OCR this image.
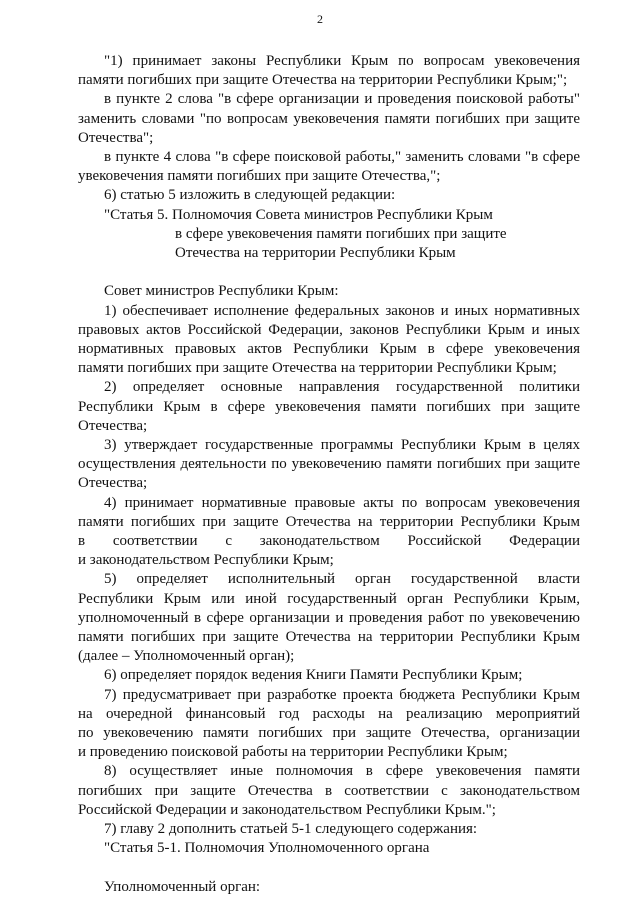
2
"1) принимает законы Республики Крым по вопросам увековечения
памяти погибших при защите Отечества на территории Республики Крым;";
в пункте 2 слова "в сфере организации и проведения поисковой работы"
заменить словами "по вопросам увековечения памяти погибших при защите
Отечества";
в пункте 4 слова "в сфере поисковой работы," заменить словами "в сфере
увековечения памяти погибших при защите Отечества,";
6) статью 5 изложить в следующей редакции:
"Статья 5. Полномочия Совета министров Республики Крым
в сфере увековечения памяти погибших при защите
Отечества на территории Республики Крым
Совет министров Республики Крым:
1) обеспечивает исполнение федеральных законов и иных нормативных
правовых актов Российской Федерации, законов Республики Крым и иных
нормативных правовых актов Республики Крым в сфере увековечения
памяти погибших при защите Отечества на территории Республики Крым;
2) определяет основные направления государственной политики
Республики Крым в сфере увековечения памяти погибших при защите
Отечества;
3) утверждает государственные программы Республики Крым в целях
осуществления деятельности по увековечению памяти погибших при защите
Отечества;
4) принимает нормативные правовые акты по вопросам увековечения
памяти погибших при защите Отечества на территории Республики Крым
в соответствии с законодательством Российской Федерации
и законодательством Республики Крым;
5) определяет исполнительный орган государственной власти
Республики Крым или иной государственный орган Республики Крым,
уполномоченный в сфере организации и проведения работ по увековечению
памяти погибших при защите Отечества на территории Республики Крым
(далее – Уполномоченный орган);
6) определяет порядок ведения Книги Памяти Республики Крым;
7) предусматривает при разработке проекта бюджета Республики Крым
на очередной финансовый год расходы на реализацию мероприятий
по увековечению памяти погибших при защите Отечества, организации
и проведению поисковой работы на территории Республики Крым;
8) осуществляет иные полномочия в сфере увековечения памяти
погибших при защите Отечества в соответствии с законодательством
Российской Федерации и законодательством Республики Крым.";
7) главу 2 дополнить статьей 5-1 следующего содержания:
"Статья 5-1. Полномочия Уполномоченного органа
Уполномоченный орган:
